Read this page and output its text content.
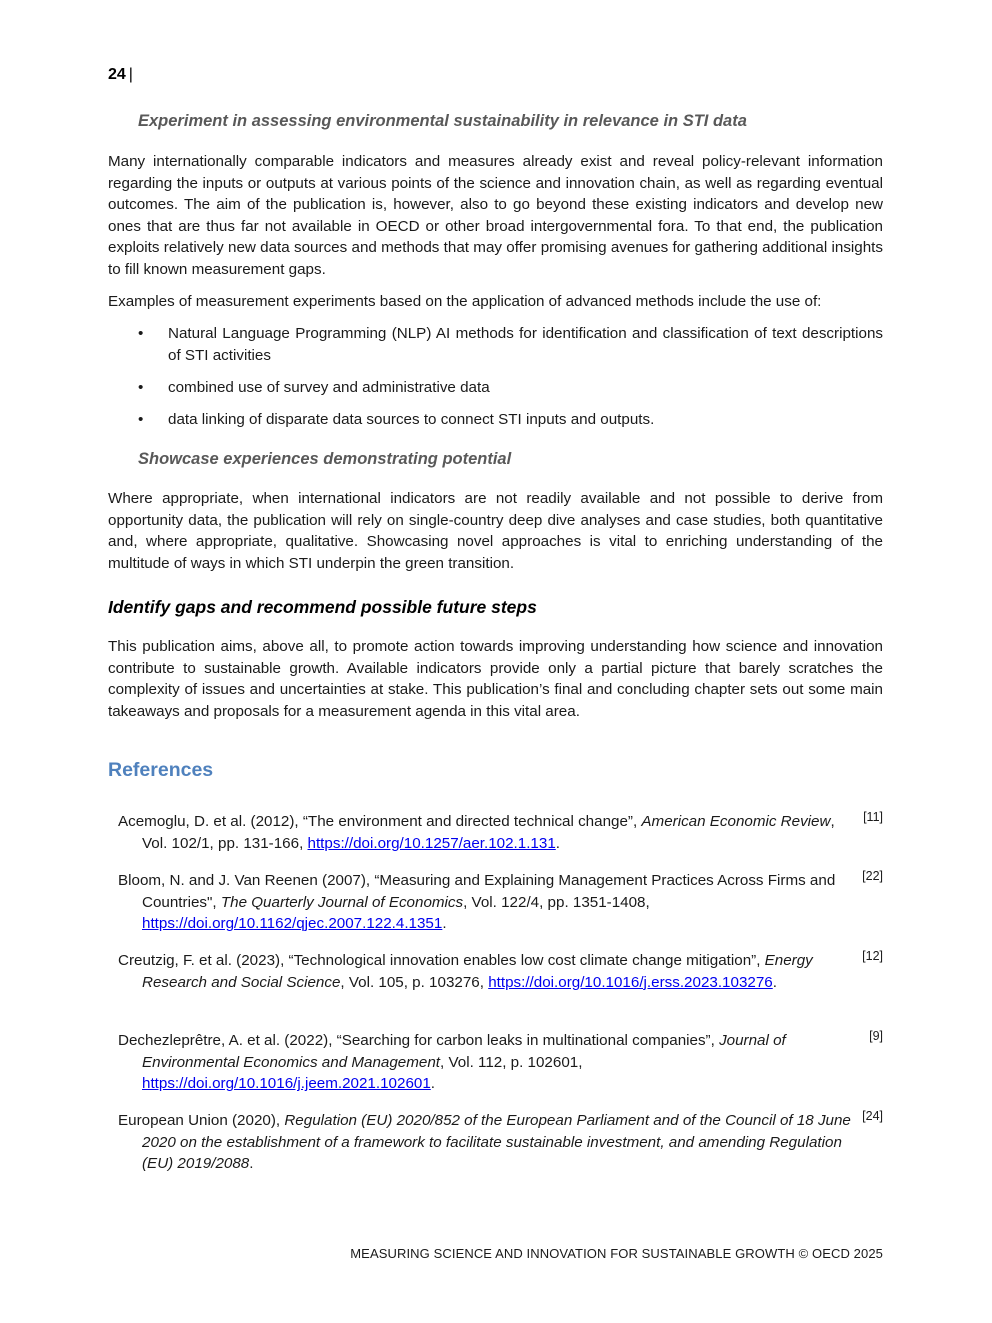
24 |
Experiment in assessing environmental sustainability in relevance in STI data

Many internationally comparable indicators and measures already exist and reveal policy-relevant information regarding the inputs or outputs at various points of the science and innovation chain, as well as regarding eventual outcomes. The aim of the publication is, however, also to go beyond these existing indicators and develop new ones that are thus far not available in OECD or other broad intergovernmental fora. To that end, the publication exploits relatively new data sources and methods that may offer promising avenues for gathering additional insights to fill known measurement gaps.

Examples of measurement experiments based on the application of advanced methods include the use of:

• Natural Language Programming (NLP) AI methods for identification and classification of text descriptions of STI activities
• combined use of survey and administrative data
• data linking of disparate data sources to connect STI inputs and outputs.
Showcase experiences demonstrating potential

Where appropriate, when international indicators are not readily available and not possible to derive from opportunity data, the publication will rely on single-country deep dive analyses and case studies, both quantitative and, where appropriate, qualitative. Showcasing novel approaches is vital to enriching understanding of the multitude of ways in which STI underpin the green transition.

Identify gaps and recommend possible future steps

This publication aims, above all, to promote action towards improving understanding how science and innovation contribute to sustainable growth. Available indicators provide only a partial picture that barely scratches the complexity of issues and uncertainties at stake. This publication’s final and concluding chapter sets out some main takeaways and proposals for a measurement agenda in this vital area.

References
Acemoglu, D. et al. (2012), “The environment and directed technical change”, American Economic Review, Vol. 102/1, pp. 131-166, https://doi.org/10.1257/aer.102.1.131.
[11]
Bloom, N. and J. Van Reenen (2007), “Measuring and Explaining Management Practices Across Firms and Countries", The Quarterly Journal of Economics, Vol. 122/4, pp. 1351-1408, https://doi.org/10.1162/qjec.2007.122.4.1351.
[22]
Creutzig, F. et al. (2023), “Technological innovation enables low cost climate change mitigation”, Energy Research and Social Science, Vol. 105, p. 103276, https://doi.org/10.1016/j.erss.2023.103276.
[12]
Dechezleprêtre, A. et al. (2022), “Searching for carbon leaks in multinational companies”, Journal of Environmental Economics and Management, Vol. 112, p. 102601, https://doi.org/10.1016/j.jeem.2021.102601.
[9]
European Union (2020), Regulation (EU) 2020/852 of the European Parliament and of the Council of 18 June 2020 on the establishment of a framework to facilitate sustainable investment, and amending Regulation (EU) 2019/2088.
[24]
MEASURING SCIENCE AND INNOVATION FOR SUSTAINABLE GROWTH © OECD 2025
